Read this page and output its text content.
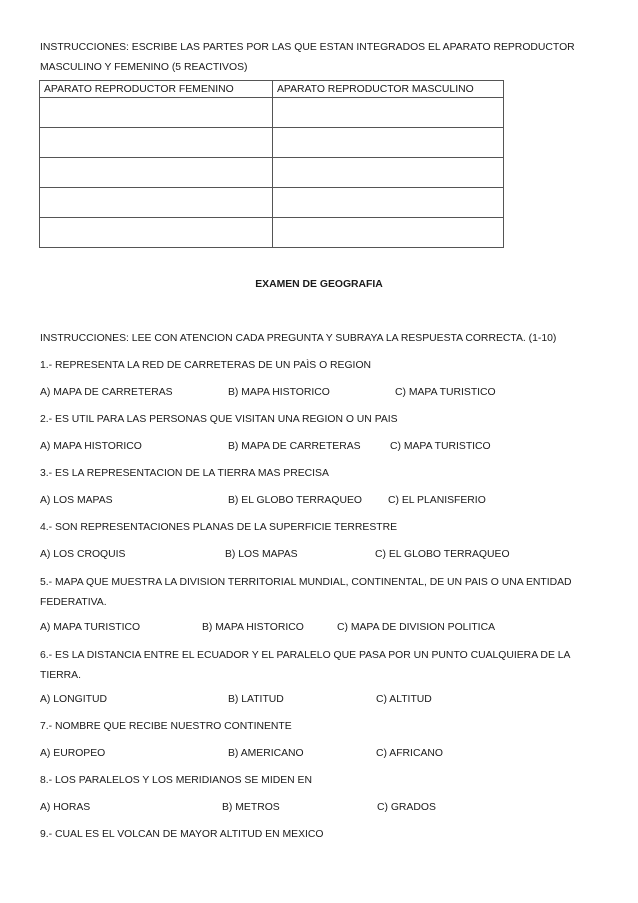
INSTRUCCIONES: ESCRIBE LAS PARTES POR LAS QUE ESTAN INTEGRADOS EL APARATO REPRODUCTOR MASCULINO Y FEMENINO (5 REACTIVOS)
APARATO REPRODUCTOR FEMENINO	APARATO REPRODUCTOR MASCULINO

EXAMEN DE GEOGRAFIA
INSTRUCCIONES: LEE CON ATENCION CADA PREGUNTA Y SUBRAYA LA RESPUESTA CORRECTA. (1-10)
1.- REPRESENTA LA RED DE CARRETERAS DE UN PAÌS O REGION
A) MAPA DE CARRETERAS	B) MAPA HISTORICO	C) MAPA TURISTICO
2.- ES UTIL PARA LAS PERSONAS QUE VISITAN UNA REGION O UN PAIS
A) MAPA HISTORICO	B) MAPA DE CARRETERAS	C) MAPA TURISTICO
3.- ES LA REPRESENTACION DE LA TIERRA MAS PRECISA
A) LOS MAPAS	B) EL GLOBO TERRAQUEO	C) EL PLANISFERIO
4.- SON REPRESENTACIONES PLANAS DE LA SUPERFICIE TERRESTRE
A) LOS CROQUIS	B) LOS MAPAS	C) EL GLOBO TERRAQUEO
5.- MAPA QUE MUESTRA LA DIVISION TERRITORIAL MUNDIAL, CONTINENTAL, DE UN PAIS O UNA ENTIDAD FEDERATIVA.
A) MAPA TURISTICO	B) MAPA HISTORICO	C) MAPA DE DIVISION POLITICA
6.- ES LA DISTANCIA ENTRE EL ECUADOR Y EL PARALELO QUE PASA POR UN PUNTO CUALQUIERA DE LA TIERRA.
A) LONGITUD	B) LATITUD	C) ALTITUD
7.- NOMBRE QUE RECIBE NUESTRO CONTINENTE
A) EUROPEO	B) AMERICANO	C) AFRICANO
8.- LOS PARALELOS Y LOS MERIDIANOS SE MIDEN EN
A) HORAS	B) METROS	C) GRADOS
9.- CUAL ES EL VOLCAN DE MAYOR ALTITUD EN MEXICO
